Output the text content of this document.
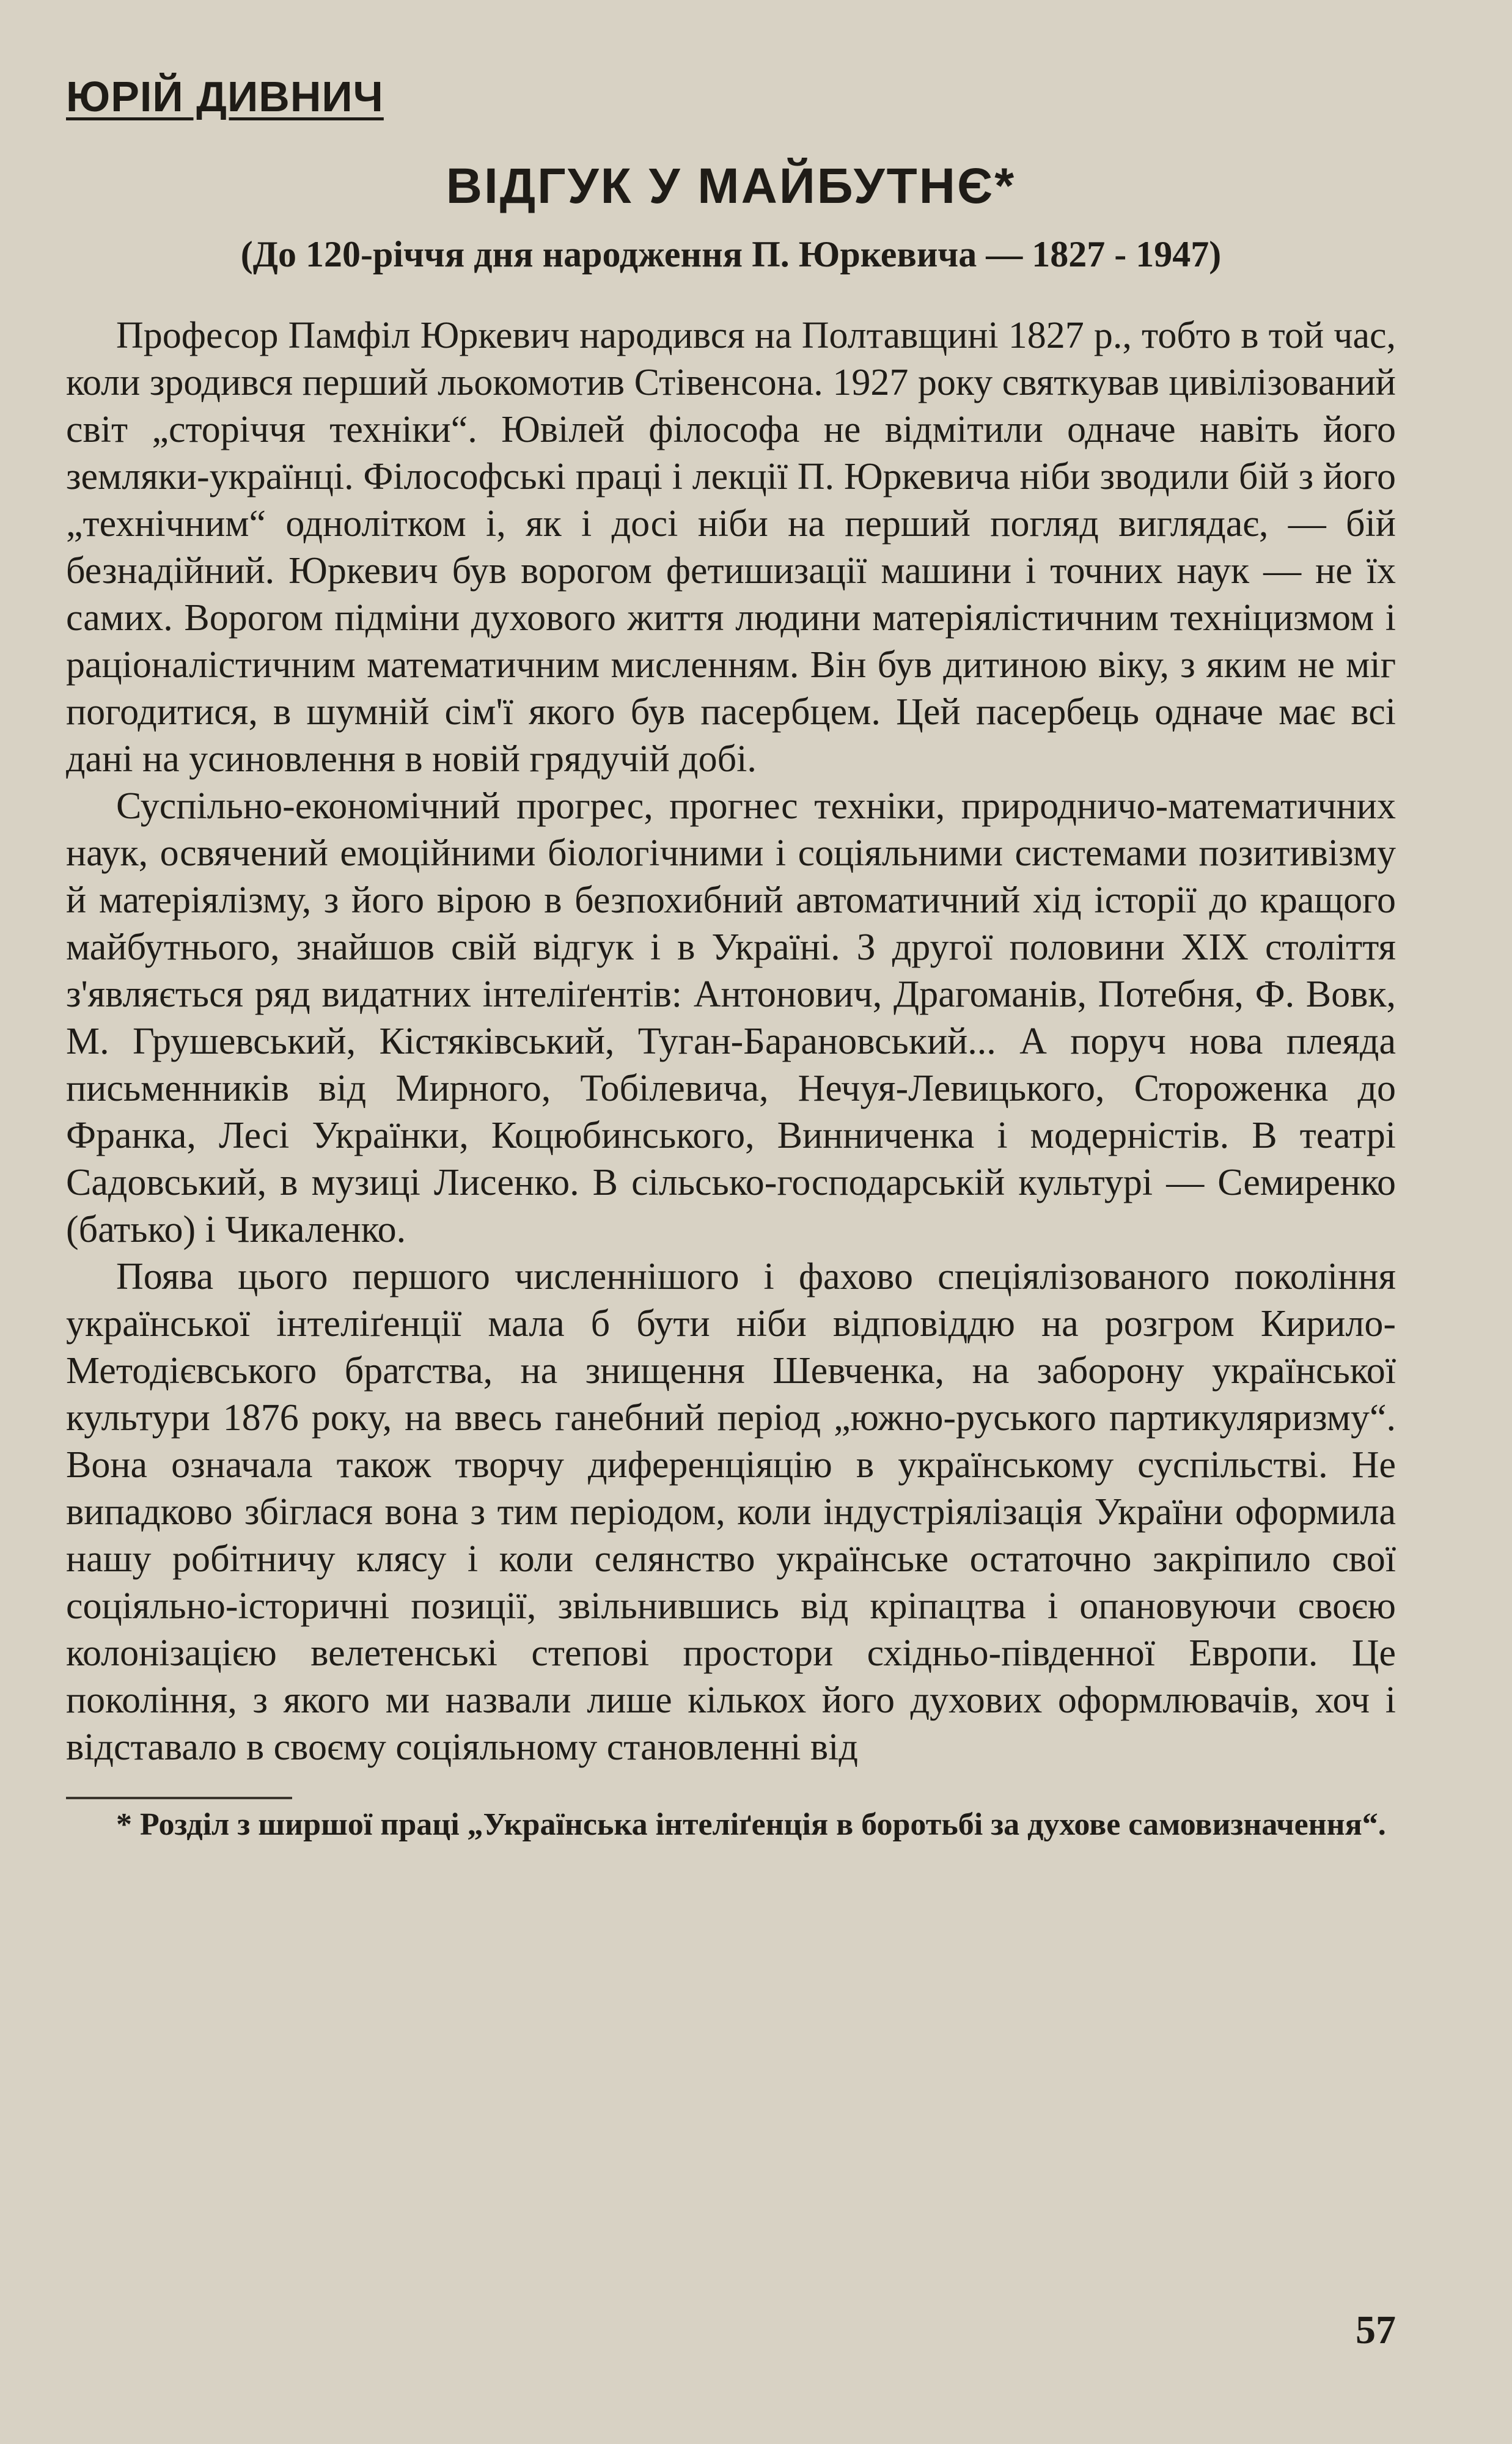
ЮРІЙ ДИВНИЧ
ВІДГУК У МАЙБУТНЄ*
(До 120-річчя дня народження П. Юркевича — 1827 - 1947)

Професор Памфіл Юркевич народився на Полтавщині 1827 р., тобто в той час, коли зродився перший льокомотив Стівенсона. 1927 року святкував цивілізований світ „сторіччя техніки“. Ювілей філософа не відмітили одначе навіть його земляки-українці. Філософські праці і лекції П. Юркевича ніби зводили бій з його „технічним“ однолітком і, як і досі ніби на перший погляд виглядає, — бій безнадійний. Юркевич був ворогом фетишизації машини і точних наук — не їх самих. Ворогом підміни духового життя людини матеріялістичним техніцизмом і раціоналістичним математичним мисленням. Він був дитиною віку, з яким не міг погодитися, в шумній сім'ї якого був пасербцем. Цей пасербець одначе має всі дані на усиновлення в новій грядучій добі.

Суспільно-економічний прогрес, прогнес техніки, природничо-математичних наук, освячений емоційними біологічними і соціяльними системами позитивізму й матеріялізму, з його вірою в безпохибний автоматичний хід історії до кращого майбутнього, знайшов свій відгук і в Україні. З другої половини XIX століття з'являється ряд видатних інтеліґентів: Антонович, Драгоманів, Потебня, Ф. Вовк, М. Грушевський, Кістяківський, Туган-Барановський... А поруч нова плеяда письменників від Мирного, Тобілевича, Нечуя-Левицького, Стороженка до Франка, Лесі Українки, Коцюбинського, Винниченка і модерністів. В театрі Садовський, в музиці Лисенко. В сільсько-господарській культурі — Семиренко (батько) і Чикаленко.

Поява цього першого численнішого і фахово спеціялізованого покоління української інтеліґенції мала б бути ніби відповіддю на розгром Кирило-Методієвського братства, на знищення Шевченка, на заборону української культури 1876 року, на ввесь ганебний період „южно-руського партикуляризму“. Вона означала також творчу диференціяцію в українському суспільстві. Не випадково збіглася вона з тим періодом, коли індустріялізація України оформила нашу робітничу клясу і коли селянство українське остаточно закріпило свої соціяльно-історичні позиції, звільнившись від кріпацтва і опановуючи своєю колонізацією велетенські степові простори східньо-південної Европи. Це покоління, з якого ми назвали лише кількох його духових оформлювачів, хоч і відставало в своєму соціяльному становленні від

* Розділ з ширшої праці „Українська інтеліґенція в боротьбі за духове самовизначення“.

57
